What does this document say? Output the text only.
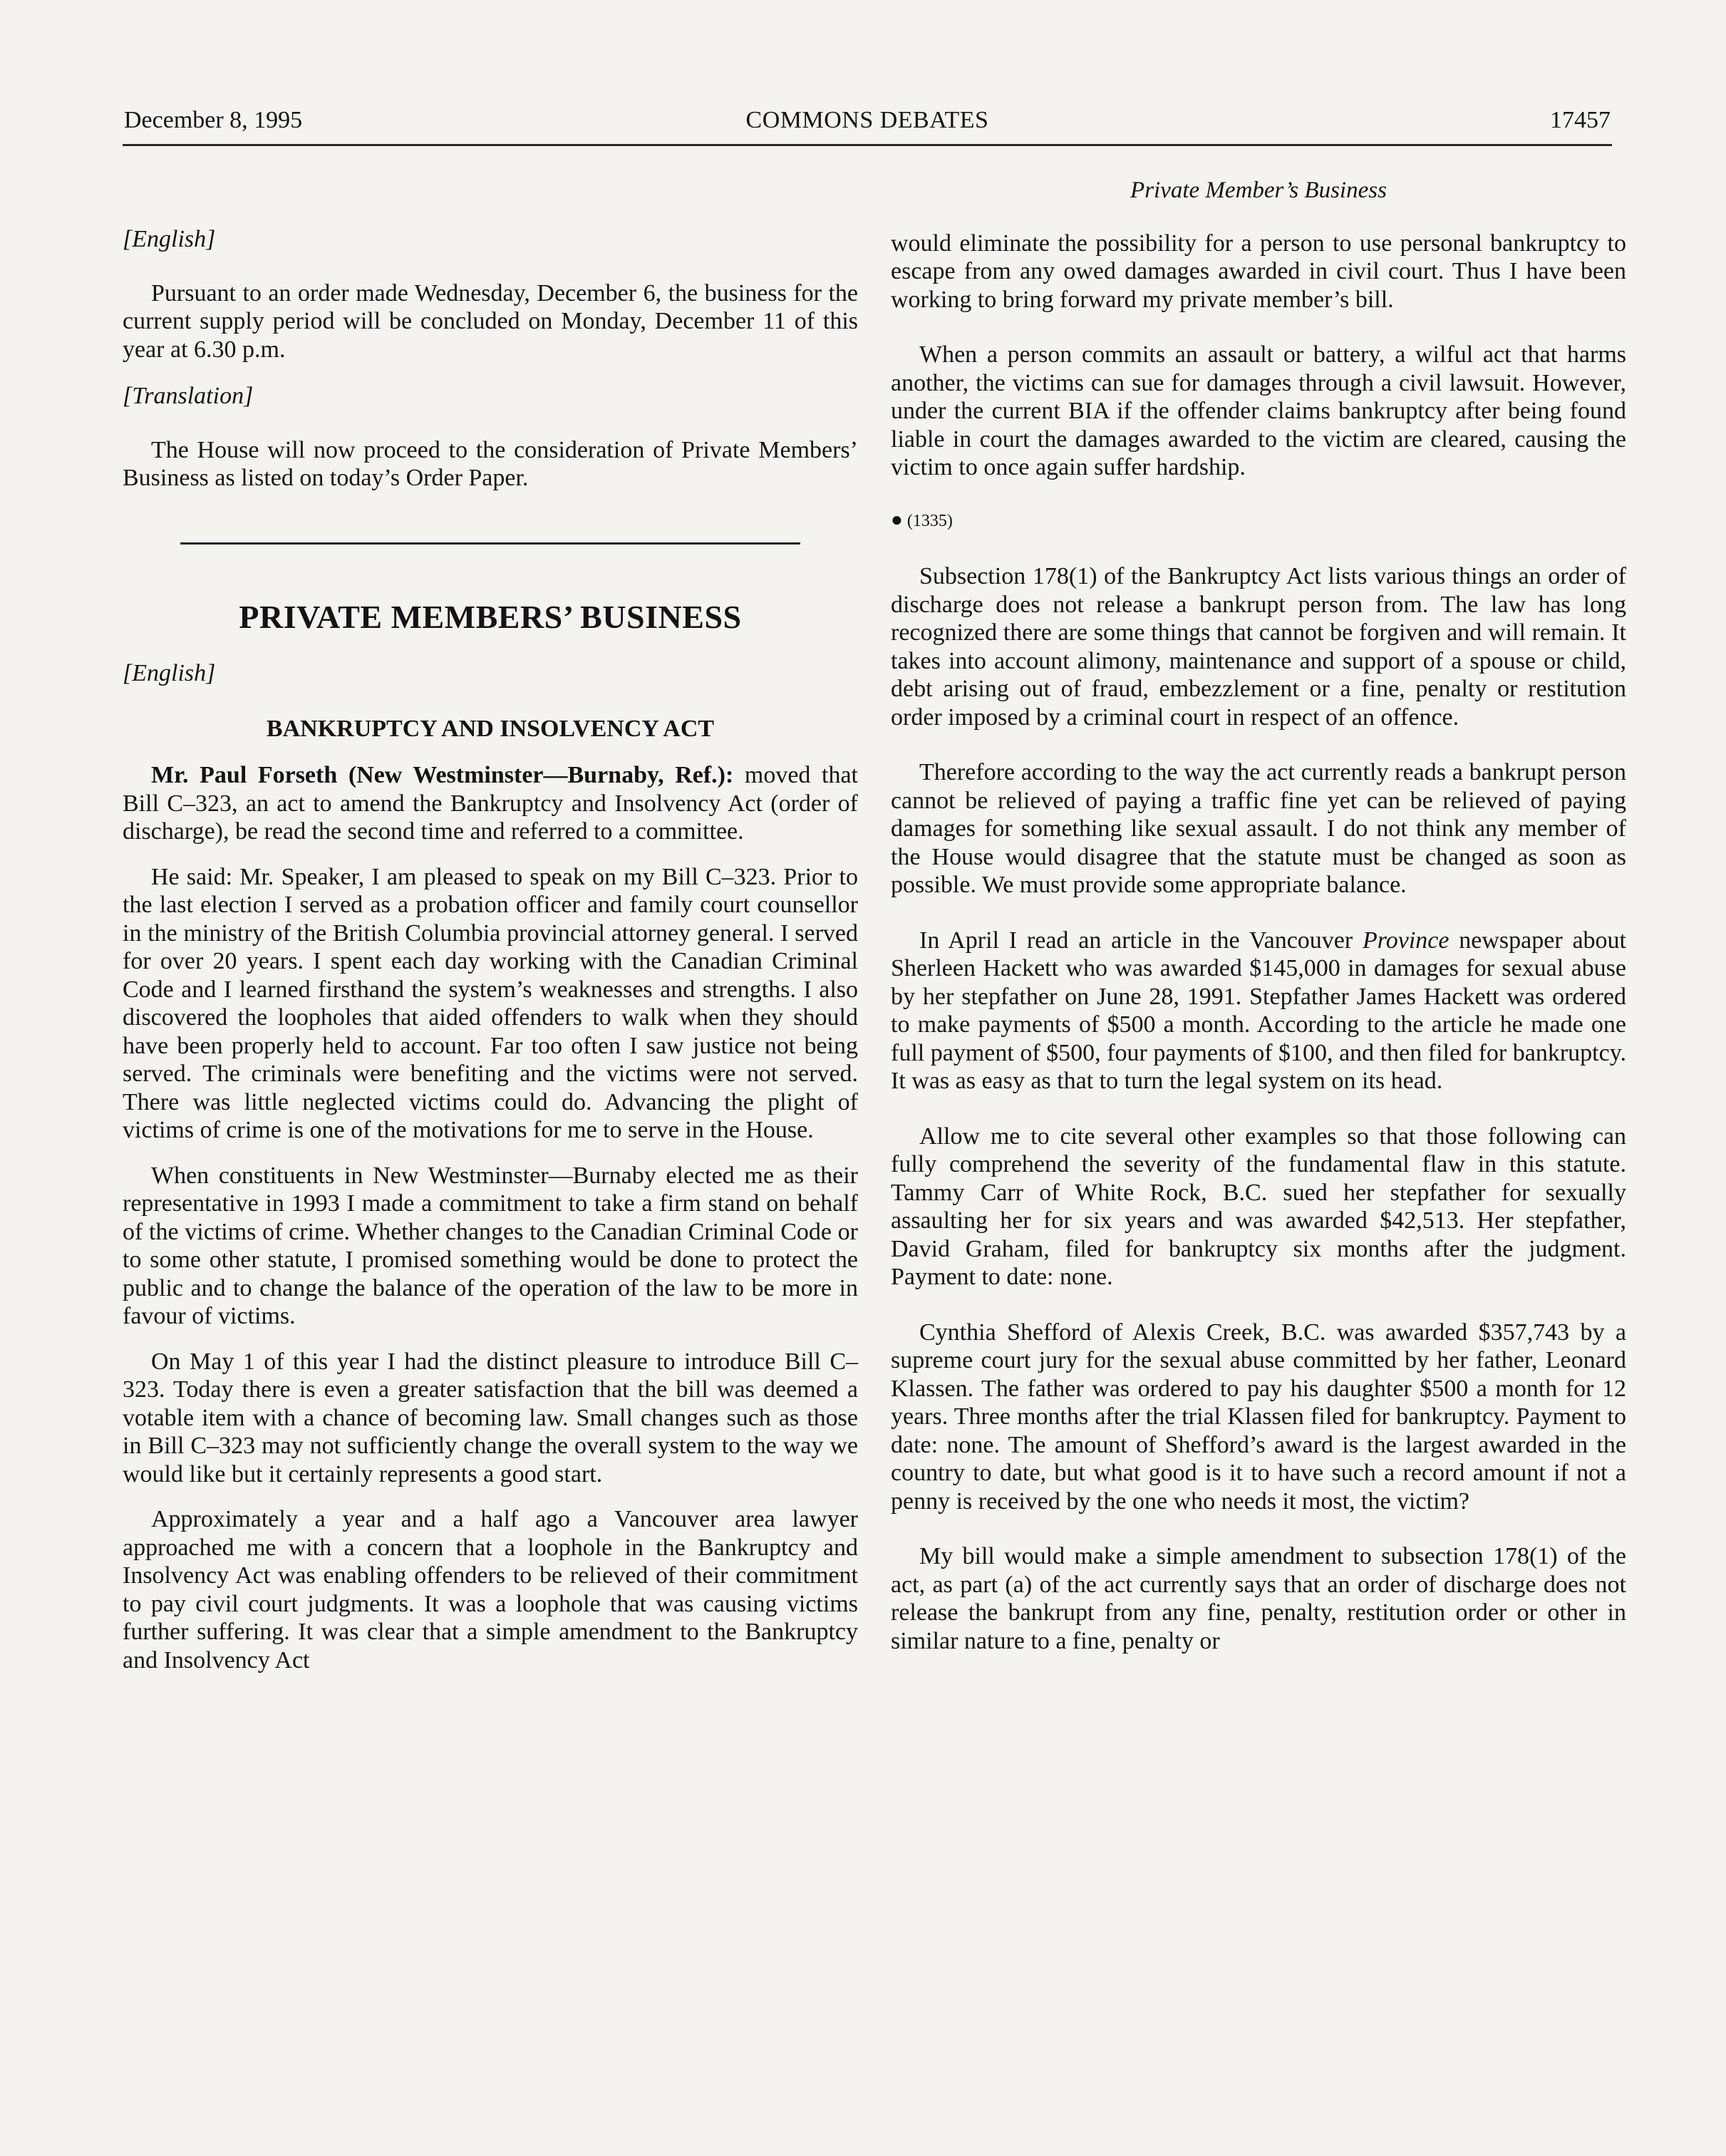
December 8, 1995	COMMONS DEBATES	17457
[English]

Pursuant to an order made Wednesday, December 6, the business for the current supply period will be concluded on Monday, December 11 of this year at 6.30 p.m.

[Translation]

The House will now proceed to the consideration of Private Members’ Business as listed on today’s Order Paper.

PRIVATE MEMBERS’ BUSINESS
[English]
BANKRUPTCY AND INSOLVENCY ACT

Mr. Paul Forseth (New Westminster—Burnaby, Ref.): moved that Bill C–323, an act to amend the Bankruptcy and Insolvency Act (order of discharge), be read the second time and referred to a committee.

He said: Mr. Speaker, I am pleased to speak on my Bill C–323. Prior to the last election I served as a probation officer and family court counsellor in the ministry of the British Columbia provincial attorney general. I served for over 20 years. I spent each day working with the Canadian Criminal Code and I learned firsthand the system’s weaknesses and strengths. I also discovered the loopholes that aided offenders to walk when they should have been properly held to account. Far too often I saw justice not being served. The criminals were benefiting and the victims were not served. There was little neglected victims could do. Advancing the plight of victims of crime is one of the motivations for me to serve in the House.

When constituents in New Westminster—Burnaby elected me as their representative in 1993 I made a commitment to take a firm stand on behalf of the victims of crime. Whether changes to the Canadian Criminal Code or to some other statute, I promised something would be done to protect the public and to change the balance of the operation of the law to be more in favour of victims.

On May 1 of this year I had the distinct pleasure to introduce Bill C–323. Today there is even a greater satisfaction that the bill was deemed a votable item with a chance of becoming law. Small changes such as those in Bill C–323 may not sufficiently change the overall system to the way we would like but it certainly represents a good start.

Approximately a year and a half ago a Vancouver area lawyer approached me with a concern that a loophole in the Bankruptcy and Insolvency Act was enabling offenders to be relieved of their commitment to pay civil court judgments. It was a loophole that was causing victims further suffering. It was clear that a simple amendment to the Bankruptcy and Insolvency Act

Private Member’s Business

would eliminate the possibility for a person to use personal bankruptcy to escape from any owed damages awarded in civil court. Thus I have been working to bring forward my private member’s bill.

When a person commits an assault or battery, a wilful act that harms another, the victims can sue for damages through a civil lawsuit. However, under the current BIA if the offender claims bankruptcy after being found liable in court the damages awarded to the victim are cleared, causing the victim to once again suffer hardship.

● (1335)

Subsection 178(1) of the Bankruptcy Act lists various things an order of discharge does not release a bankrupt person from. The law has long recognized there are some things that cannot be forgiven and will remain. It takes into account alimony, maintenance and support of a spouse or child, debt arising out of fraud, embezzlement or a fine, penalty or restitution order imposed by a criminal court in respect of an offence.

Therefore according to the way the act currently reads a bankrupt person cannot be relieved of paying a traffic fine yet can be relieved of paying damages for something like sexual assault. I do not think any member of the House would disagree that the statute must be changed as soon as possible. We must provide some appropriate balance.

In April I read an article in the Vancouver Province newspaper about Sherleen Hackett who was awarded $145,000 in damages for sexual abuse by her stepfather on June 28, 1991. Stepfather James Hackett was ordered to make payments of $500 a month. According to the article he made one full payment of $500, four payments of $100, and then filed for bankruptcy. It was as easy as that to turn the legal system on its head.

Allow me to cite several other examples so that those following can fully comprehend the severity of the fundamental flaw in this statute. Tammy Carr of White Rock, B.C. sued her stepfather for sexually assaulting her for six years and was awarded $42,513. Her stepfather, David Graham, filed for bankruptcy six months after the judgment. Payment to date: none.

Cynthia Shefford of Alexis Creek, B.C. was awarded $357,743 by a supreme court jury for the sexual abuse committed by her father, Leonard Klassen. The father was ordered to pay his daughter $500 a month for 12 years. Three months after the trial Klassen filed for bankruptcy. Payment to date: none. The amount of Shefford’s award is the largest awarded in the country to date, but what good is it to have such a record amount if not a penny is received by the one who needs it most, the victim?

My bill would make a simple amendment to subsection 178(1) of the act, as part (a) of the act currently says that an order of discharge does not release the bankrupt from any fine, penalty, restitution order or other in similar nature to a fine, penalty or
